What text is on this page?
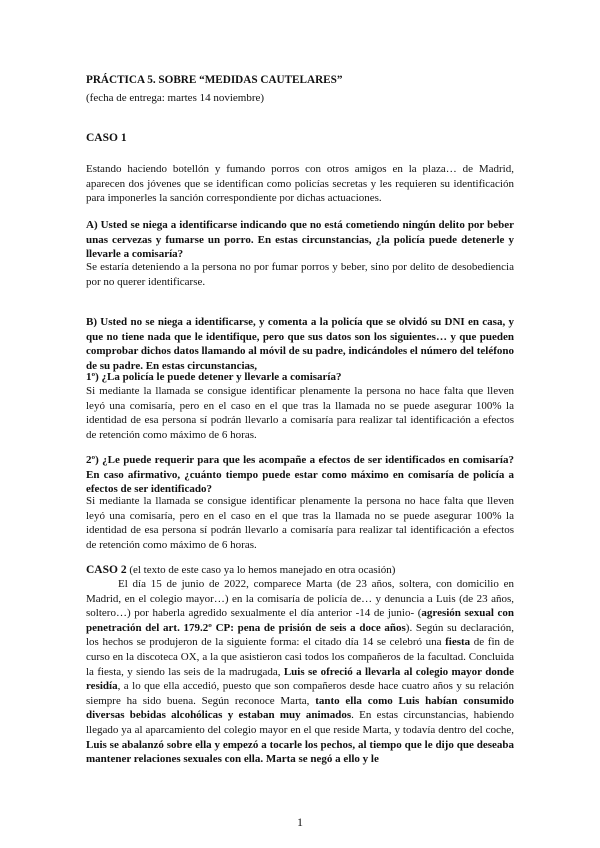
PRÁCTICA 5. SOBRE “MEDIDAS CAUTELARES”
(fecha de entrega: martes 14 noviembre)
CASO 1
Estando haciendo botellón y fumando porros con otros amigos en la plaza… de Madrid, aparecen dos jóvenes que se identifican como policías secretas y les requieren su identificación para imponerles la sanción correspondiente por dichas actuaciones.
A) Usted se niega a identificarse indicando que no está cometiendo ningún delito por beber unas cervezas y fumarse un porro. En estas circunstancias, ¿la policía puede detenerle y llevarle a comisaría?
Se estaría deteniendo a la persona no por fumar porros y beber, sino por delito de desobediencia por no querer identificarse.
B) Usted no se niega a identificarse, y comenta a la policía que se olvidó su DNI en casa, y que no tiene nada que le identifique, pero que sus datos son los siguientes… y que pueden comprobar dichos datos llamando al móvil de su padre, indicándoles el número del teléfono de su padre. En estas circunstancias,
1º) ¿La policía le puede detener y llevarle a comisaría?
Si mediante la llamada se consigue identificar plenamente la persona no hace falta que lleven leyó una comisaría, pero en el caso en el que tras la llamada no se puede asegurar 100% la identidad de esa persona sí podrán llevarlo a comisaría para realizar tal identificación a efectos de retención como máximo de 6 horas.
2º) ¿Le puede requerir para que les acompañe a efectos de ser identificados en comisaría? En caso afirmativo, ¿cuánto tiempo puede estar como máximo en comisaría de policía a efectos de ser identificado?
Si mediante la llamada se consigue identificar plenamente la persona no hace falta que lleven leyó una comisaría, pero en el caso en el que tras la llamada no se puede asegurar 100% la identidad de esa persona sí podrán llevarlo a comisaría para realizar tal identificación a efectos de retención como máximo de 6 horas.
CASO 2 (el texto de este caso ya lo hemos manejado en otra ocasión)
El día 15 de junio de 2022, comparece Marta (de 23 años, soltera, con domicilio en Madrid, en el colegio mayor…) en la comisaría de policía de… y denuncia a Luis (de 23 años, soltero…) por haberla agredido sexualmente el día anterior -14 de junio- (agresión sexual con penetración del art. 179.2º CP: pena de prisión de seis a doce años). Según su declaración, los hechos se produjeron de la siguiente forma: el citado día 14 se celebró una fiesta de fin de curso en la discoteca OX, a la que asistieron casi todos los compañeros de la facultad. Concluida la fiesta, y siendo las seis de la madrugada, Luis se ofreció a llevarla al colegio mayor donde residía, a lo que ella accedió, puesto que son compañeros desde hace cuatro años y su relación siempre ha sido buena. Según reconoce Marta, tanto ella como Luis habían consumido diversas bebidas alcohólicas y estaban muy animados. En estas circunstancias, habiendo llegado ya al aparcamiento del colegio mayor en el que reside Marta, y todavía dentro del coche, Luis se abalanzó sobre ella y empezó a tocarle los pechos, al tiempo que le dijo que deseaba mantener relaciones sexuales con ella. Marta se negó a ello y le
1
